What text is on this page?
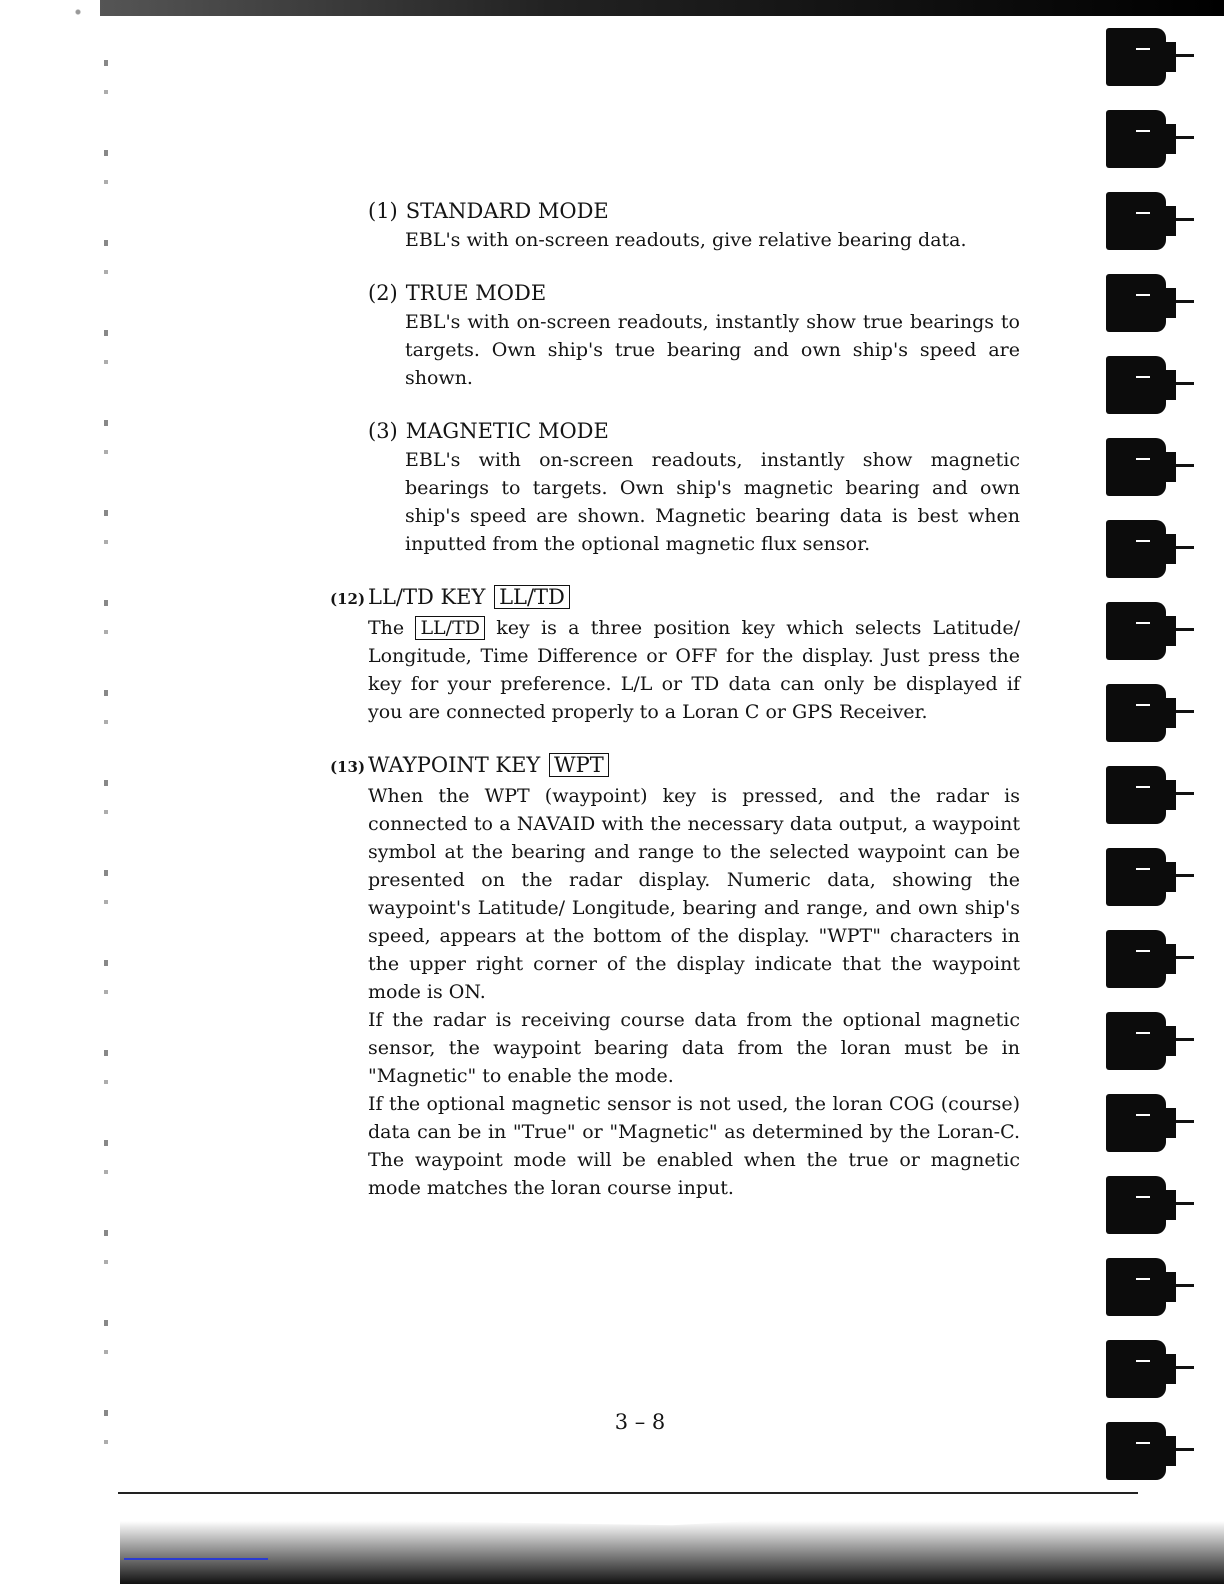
(1) STANDARD MODE

EBL's with on-screen readouts, give relative bearing data.

(2) TRUE MODE

EBL's with on-screen readouts, instantly show true bearings to targets. Own ship's true bearing and own ship's speed are shown.

(3) MAGNETIC MODE

EBL's with on-screen readouts, instantly show magnetic bearings to targets. Own ship's magnetic bearing and own ship's speed are shown. Magnetic bearing data is best when inputted from the optional magnetic flux sensor.

(12) LL/TD KEY LL/TD

The LL/TD key is a three position key which selects Latitude/ Longitude, Time Difference or OFF for the display. Just press the key for your preference. L/L or TD data can only be displayed if you are connected properly to a Loran C or GPS Receiver.

(13) WAYPOINT KEY WPT

When the WPT (waypoint) key is pressed, and the radar is connected to a NAVAID with the necessary data output, a waypoint symbol at the bearing and range to the selected waypoint can be presented on the radar display. Numeric data, showing the waypoint's Latitude/ Longitude, bearing and range, and own ship's speed, appears at the bottom of the display. "WPT" characters in the upper right corner of the display indicate that the waypoint mode is ON.

If the radar is receiving course data from the optional magnetic sensor, the waypoint bearing data from the loran must be in "Magnetic" to enable the mode.

If the optional magnetic sensor is not used, the loran COG (course) data can be in "True" or "Magnetic" as determined by the Loran-C. The waypoint mode will be enabled when the true or magnetic mode matches the loran course input.

3 – 8
